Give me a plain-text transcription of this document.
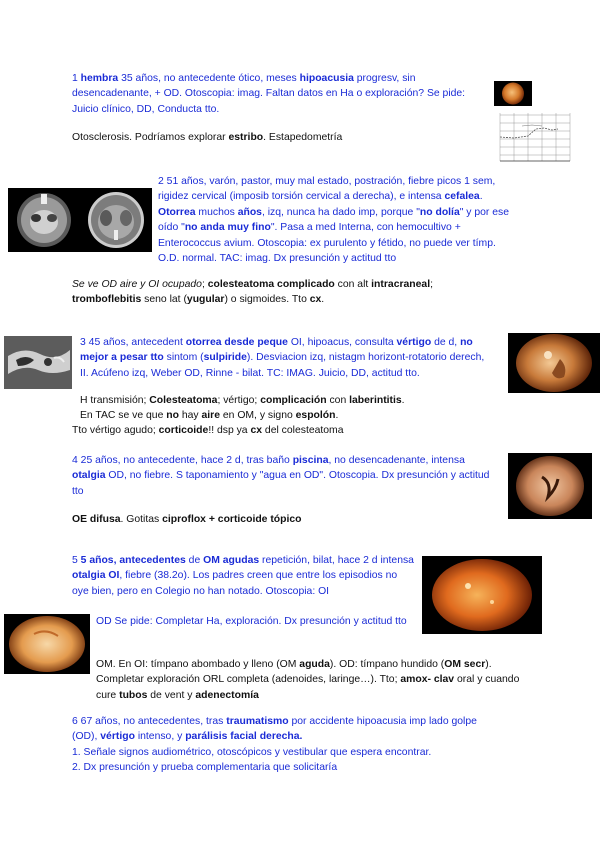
1 hembra 35 años, no antecedente ótico, meses hipoacusia progresv, sin desencadenante, + OD. Otoscopia: imag. Faltan datos en Ha o exploración? Se pide: Juicio clínico, DD, Conducta tto.

Otosclerosis. Podríamos explorar estribo. Estapedometría

2 51 años, varón, pastor, muy mal estado, postración, fiebre picos 1 sem, rigidez cervical (imposib torsión cervical a derecha), e intensa cefalea. Otorrea muchos años, izq, nunca ha dado imp, porque "no dolía" y por ese oído "no anda muy fino". Pasa a med Interna, con hemocultivo + Enterococcus avium. Otoscopia: ex purulento y fétido, no puede ver tímp. O.D. normal. TAC: imag. Dx presunción y actitud tto

Se ve OD aire y OI ocupado; colesteatoma complicado con alt intracraneal; tromboflebitis seno lat (yugular) o sigmoides. Tto cx.

3 45 años, antecedent otorrea desde peque OI, hipoacus, consulta vértigo de d, no mejor a pesar tto sintom (sulpiride). Desviacion izq, nistagm horizont-rotatorio derech, II. Acúfeno izq, Weber OD, Rinne - bilat. TC: IMAG. Juicio, DD, actitud tto.

H transmisión; Colesteatoma; vértigo; complicación con laberintitis.

En TAC se ve que no hay aire en OM, y signo espolón.

Tto vértigo agudo; corticoide!! dsp ya cx del colesteatoma

4 25 años, no antecedente, hace 2 d, tras baño piscina, no desencadenante, intensa otalgia OD, no fiebre. S taponamiento y "agua en OD". Otoscopia. Dx presunción y actitud tto

OE difusa. Gotitas ciproflox + corticoide tópico

5 5 años, antecedentes de OM agudas repetición, bilat, hace 2 d intensa otalgia OI, fiebre (38.2o). Los padres creen que entre los episodios no oye bien, pero en Colegio no han notado. Otoscopia: OI

OD Se pide: Completar Ha, exploración. Dx presunción y actitud tto

OM. En OI: tímpano abombado y lleno (OM aguda). OD: tímpano hundido (OM secr). Completar exploración ORL completa (adenoides, laringe…). Tto; amox- clav oral y cuando cure tubos de vent y adenectomía

6 67 años, no antecedentes, tras traumatismo por accidente hipoacusia imp lado golpe (OD), vértigo intenso, y parálisis facial derecha.

1. Señale signos audiométrico, otoscópicos y vestibular que espera encontrar.

2. Dx presunción y prueba complementaria que solicitaría
